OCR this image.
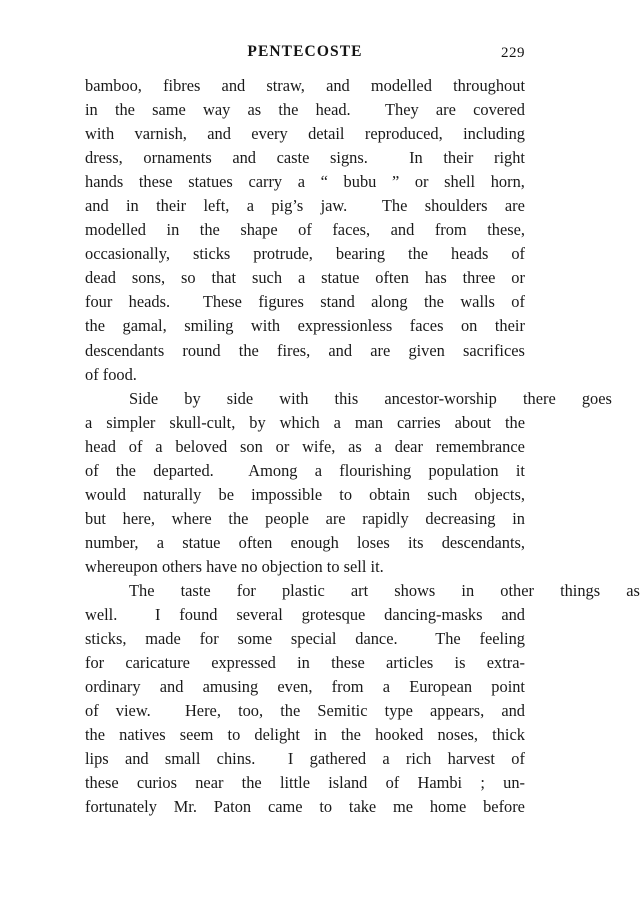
PENTECOSTE	229
bamboo, fibres and straw, and modelled throughout
in the same way as the head. They are covered
with varnish, and every detail reproduced, including
dress, ornaments and caste signs.	In their right
hands these statues carry a “ bubu ” or shell horn,
and in their left, a pig’s jaw. The shoulders are
modelled in the shape of faces, and from these,
occasionally, sticks protrude, bearing the heads of
dead sons, so that such a statue often has three or
four heads. These figures stand along the walls of
the gamal, smiling with expressionless faces on their
descendants round the fires, and are given sacrifices
of food.
Side by side with this ancestor-worship there goes
a simpler skull-cult, by which a man carries about the
head of a beloved son or wife, as a dear remembrance
of the departed. Among a flourishing population it
would naturally be impossible to obtain such objects,
but here, where the people are rapidly decreasing in
number, a statue often enough loses its descendants,
whereupon others have no objection to sell it.
The taste for plastic art shows in other things as
well. I found several grotesque dancing-masks and
sticks, made for some special dance. The feeling
for caricature expressed in these articles is extra-
ordinary and amusing even, from a European point
of view. Here, too, the Semitic type appears, and
the natives seem to delight in the hooked noses, thick
lips and small chins. I gathered a rich harvest of
these curios near the little island of Hambi ; un-
fortunately Mr. Paton came to take me home before
